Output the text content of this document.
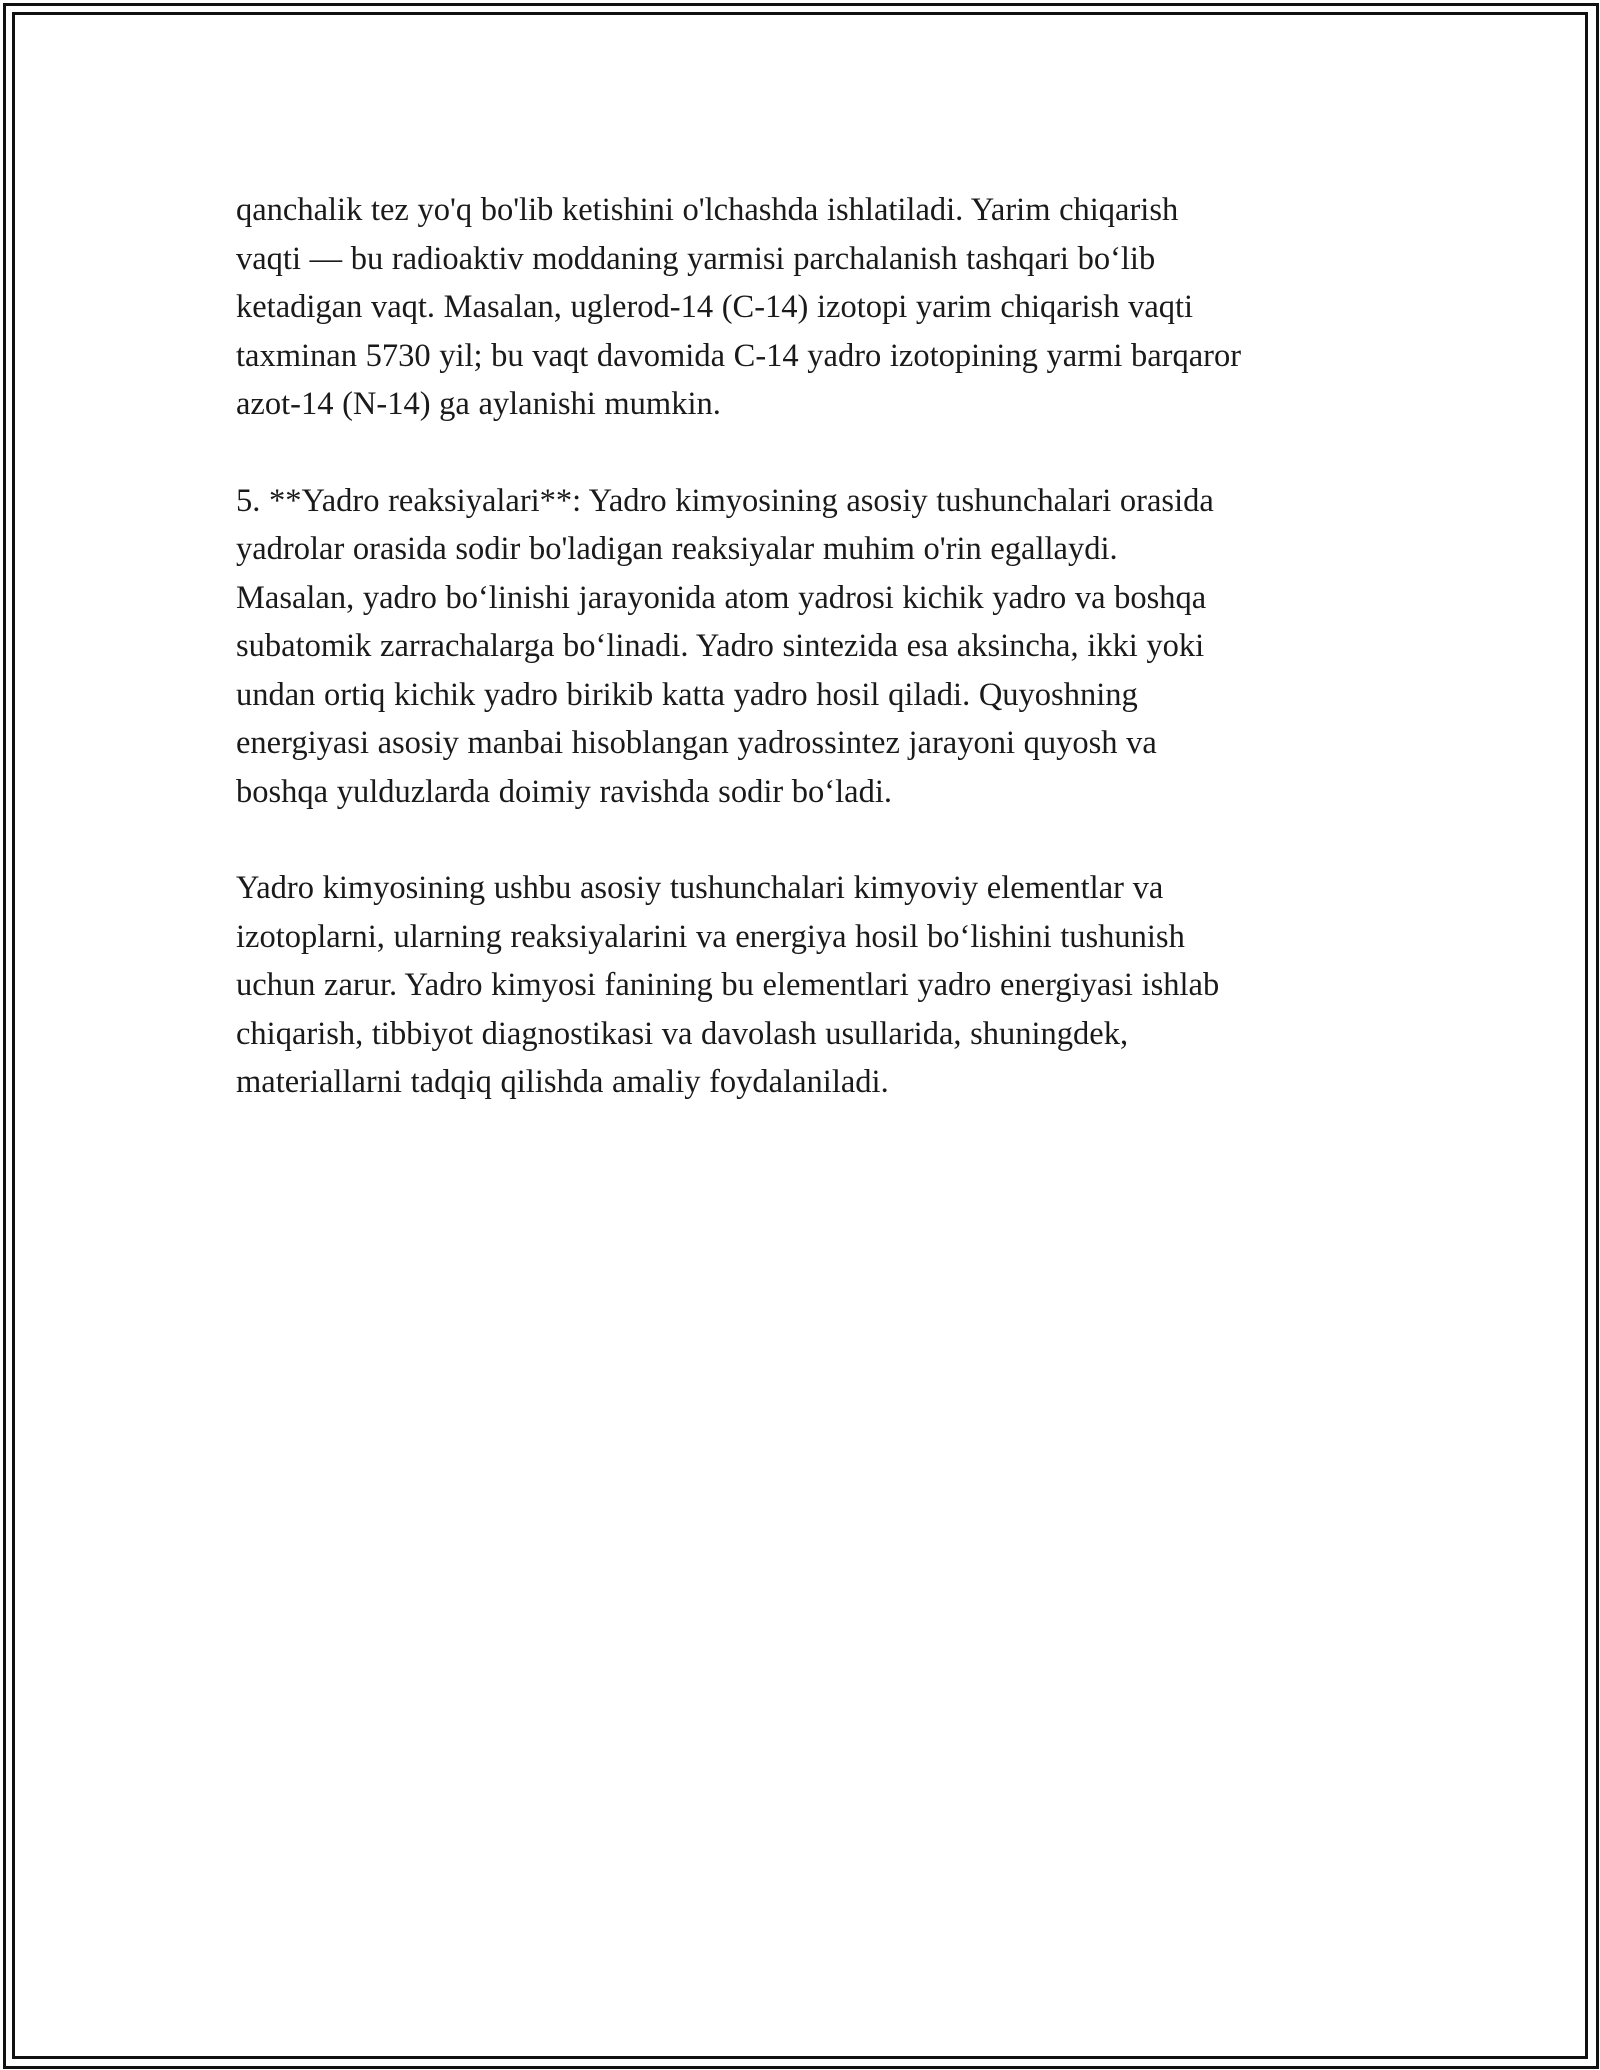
qanchalik tez yo'q bo'lib ketishini o'lchashda ishlatiladi. Yarim chiqarish
vaqti — bu radioaktiv moddaning yarmisi parchalanish tashqari bo‘lib
ketadigan vaqt. Masalan, uglerod-14 (C-14) izotopi yarim chiqarish vaqti
taxminan 5730 yil; bu vaqt davomida C-14 yadro izotopining yarmi barqaror
azot-14 (N-14) ga aylanishi mumkin.

5. **Yadro reaksiyalari**: Yadro kimyosining asosiy tushunchalari orasida
yadrolar orasida sodir bo'ladigan reaksiyalar muhim o'rin egallaydi.
Masalan, yadro bo‘linishi jarayonida atom yadrosi kichik yadro va boshqa
subatomik zarrachalarga bo‘linadi. Yadro sintezida esa aksincha, ikki yoki
undan ortiq kichik yadro birikib katta yadro hosil qiladi. Quyoshning
energiyasi asosiy manbai hisoblangan yadrossintez jarayoni quyosh va
boshqa yulduzlarda doimiy ravishda sodir bo‘ladi.

Yadro kimyosining ushbu asosiy tushunchalari kimyoviy elementlar va
izotoplarni, ularning reaksiyalarini va energiya hosil bo‘lishini tushunish
uchun zarur. Yadro kimyosi fanining bu elementlari yadro energiyasi ishlab
chiqarish, tibbiyot diagnostikasi va davolash usullarida, shuningdek,
materiallarni tadqiq qilishda amaliy foydalaniladi.
